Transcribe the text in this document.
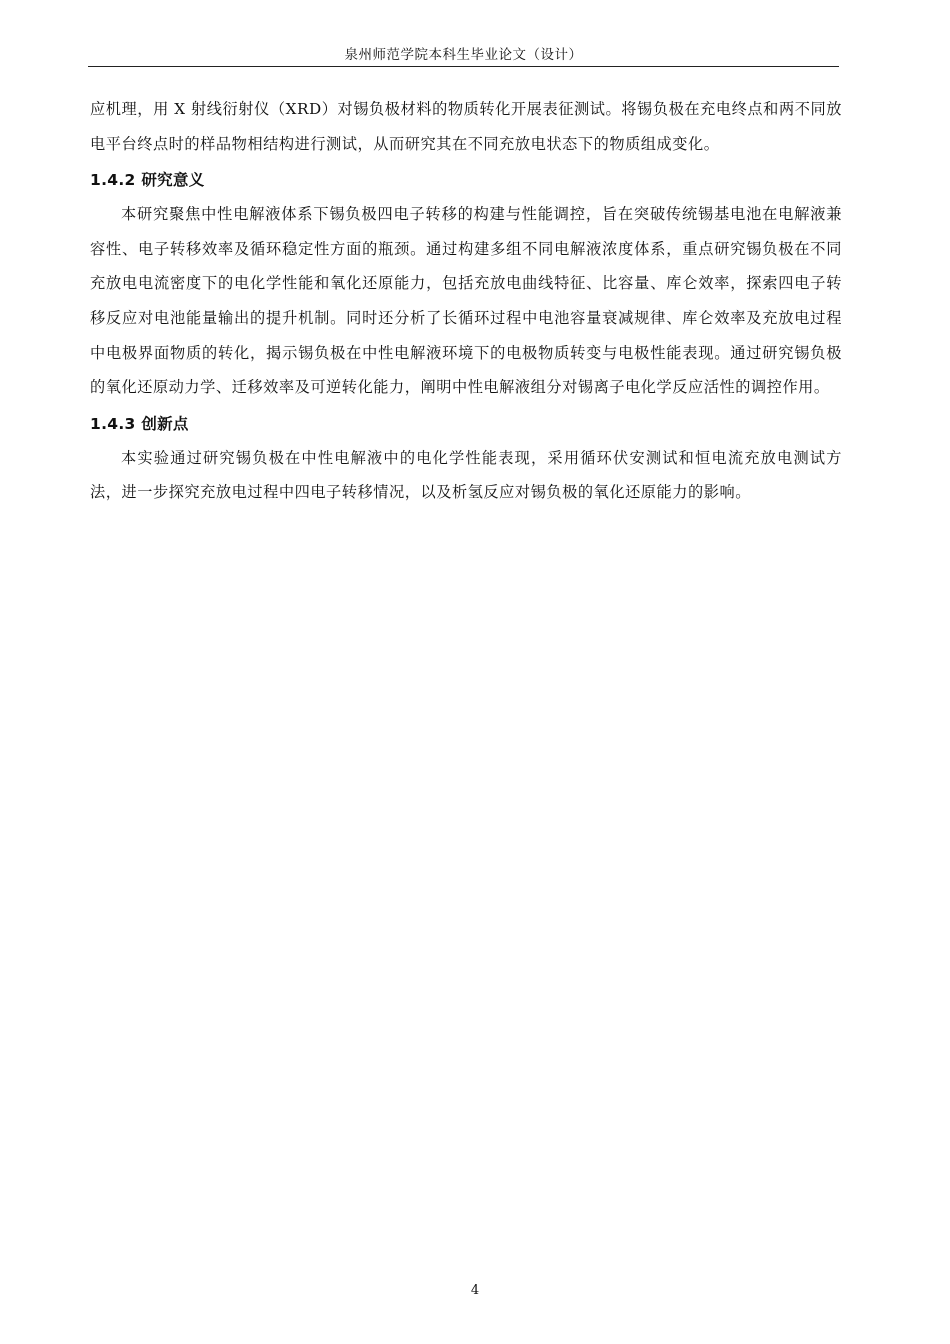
泉州师范学院本科生毕业论文（设计）

应机理，用 X 射线衍射仪（XRD）对锡负极材料的物质转化开展表征测试。将锡负极在充电终点和两不同放电平台终点时的样品物相结构进行测试，从而研究其在不同充放电状态下的物质组成变化。

1.4.2 研究意义

本研究聚焦中性电解液体系下锡负极四电子转移的构建与性能调控，旨在突破传统锡基电池在电解液兼容性、电子转移效率及循环稳定性方面的瓶颈。通过构建多组不同电解液浓度体系，重点研究锡负极在不同充放电电流密度下的电化学性能和氧化还原能力，包括充放电曲线特征、比容量、库仑效率，探索四电子转移反应对电池能量输出的提升机制。同时还分析了长循环过程中电池容量衰减规律、库仑效率及充放电过程中电极界面物质的转化，揭示锡负极在中性电解液环境下的电极物质转变与电极性能表现。通过研究锡负极的氧化还原动力学、迁移效率及可逆转化能力，阐明中性电解液组分对锡离子电化学反应活性的调控作用。

1.4.3 创新点

本实验通过研究锡负极在中性电解液中的电化学性能表现，采用循环伏安测试和恒电流充放电测试方法，进一步探究充放电过程中四电子转移情况，以及析氢反应对锡负极的氧化还原能力的影响。

4
